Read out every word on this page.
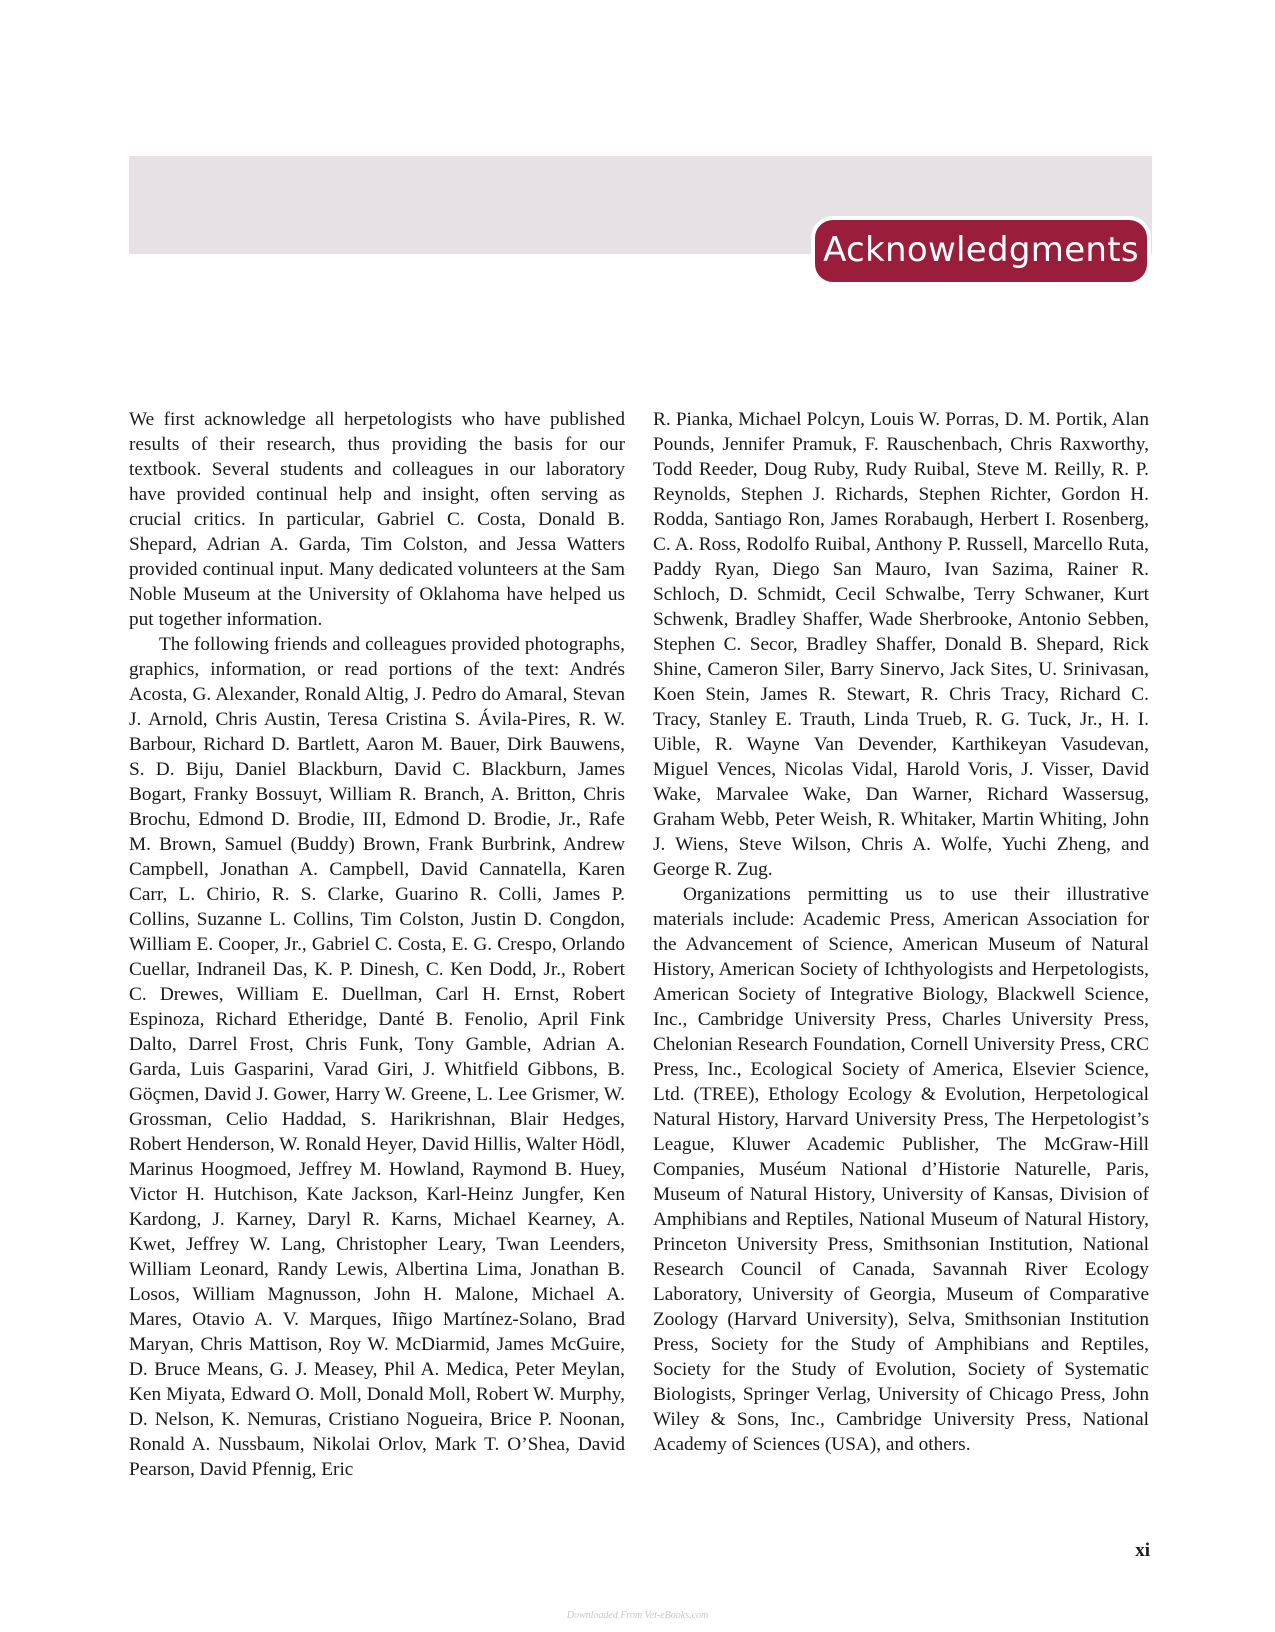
Acknowledgments

We first acknowledge all herpetologists who have published results of their research, thus providing the basis for our textbook. Several students and colleagues in our laboratory have provided continual help and insight, often serving as crucial critics. In particular, Gabriel C. Costa, Donald B. Shepard, Adrian A. Garda, Tim Colston, and Jessa Watters provided continual input. Many dedicated volunteers at the Sam Noble Museum at the University of Oklahoma have helped us put together information.

The following friends and colleagues provided photographs, graphics, information, or read portions of the text: Andrés Acosta, G. Alexander, Ronald Altig, J. Pedro do Amaral, Stevan J. Arnold, Chris Austin, Teresa Cristina S. Ávila-Pires, R. W. Barbour, Richard D. Bartlett, Aaron M. Bauer, Dirk Bauwens, S. D. Biju, Daniel Blackburn, David C. Blackburn, James Bogart, Franky Bossuyt, William R. Branch, A. Britton, Chris Brochu, Edmond D. Brodie, III, Edmond D. Brodie, Jr., Rafe M. Brown, Samuel (Buddy) Brown, Frank Burbrink, Andrew Campbell, Jonathan A. Campbell, David Cannatella, Karen Carr, L. Chirio, R. S. Clarke, Guarino R. Colli, James P. Collins, Suzanne L. Collins, Tim Colston, Justin D. Congdon, William E. Cooper, Jr., Gabriel C. Costa, E. G. Crespo, Orlando Cuellar, Indraneil Das, K. P. Dinesh, C. Ken Dodd, Jr., Robert C. Drewes, William E. Duellman, Carl H. Ernst, Robert Espinoza, Richard Etheridge, Danté B. Fenolio, April Fink Dalto, Darrel Frost, Chris Funk, Tony Gamble, Adrian A. Garda, Luis Gasparini, Varad Giri, J. Whitfield Gibbons, B. Göçmen, David J. Gower, Harry W. Greene, L. Lee Grismer, W. Grossman, Celio Haddad, S. Harikrishnan, Blair Hedges, Robert Henderson, W. Ronald Heyer, David Hillis, Walter Hödl, Marinus Hoogmoed, Jeffrey M. Howland, Raymond B. Huey, Victor H. Hutchison, Kate Jackson, Karl-Heinz Jungfer, Ken Kardong, J. Karney, Daryl R. Karns, Michael Kearney, A. Kwet, Jeffrey W. Lang, Christopher Leary, Twan Leenders, William Leonard, Randy Lewis, Albertina Lima, Jonathan B. Losos, William Magnusson, John H. Malone, Michael A. Mares, Otavio A. V. Marques, Iñigo Martínez-Solano, Brad Maryan, Chris Mattison, Roy W. McDiarmid, James McGuire, D. Bruce Means, G. J. Measey, Phil A. Medica, Peter Meylan, Ken Miyata, Edward O. Moll, Donald Moll, Robert W. Murphy, D. Nelson, K. Nemuras, Cristiano Nogueira, Brice P. Noonan, Ronald A. Nussbaum, Nikolai Orlov, Mark T. O’Shea, David Pearson, David Pfennig, Eric

R. Pianka, Michael Polcyn, Louis W. Porras, D. M. Portik, Alan Pounds, Jennifer Pramuk, F. Rauschenbach, Chris Raxworthy, Todd Reeder, Doug Ruby, Rudy Ruibal, Steve M. Reilly, R. P. Reynolds, Stephen J. Richards, Stephen Richter, Gordon H. Rodda, Santiago Ron, James Rorabaugh, Herbert I. Rosenberg, C. A. Ross, Rodolfo Ruibal, Anthony P. Russell, Marcello Ruta, Paddy Ryan, Diego San Mauro, Ivan Sazima, Rainer R. Schloch, D. Schmidt, Cecil Schwalbe, Terry Schwaner, Kurt Schwenk, Bradley Shaffer, Wade Sherbrooke, Antonio Sebben, Stephen C. Secor, Bradley Shaffer, Donald B. Shepard, Rick Shine, Cameron Siler, Barry Sinervo, Jack Sites, U. Srinivasan, Koen Stein, James R. Stewart, R. Chris Tracy, Richard C. Tracy, Stanley E. Trauth, Linda Trueb, R. G. Tuck, Jr., H. I. Uible, R. Wayne Van Devender, Karthikeyan Vasudevan, Miguel Vences, Nicolas Vidal, Harold Voris, J. Visser, David Wake, Marvalee Wake, Dan Warner, Richard Wassersug, Graham Webb, Peter Weish, R. Whitaker, Martin Whiting, John J. Wiens, Steve Wilson, Chris A. Wolfe, Yuchi Zheng, and George R. Zug.

Organizations permitting us to use their illustrative materials include: Academic Press, American Association for the Advancement of Science, American Museum of Natural History, American Society of Ichthyologists and Herpetologists, American Society of Integrative Biology, Blackwell Science, Inc., Cambridge University Press, Charles University Press, Chelonian Research Foundation, Cornell University Press, CRC Press, Inc., Ecological Society of America, Elsevier Science, Ltd. (TREE), Ethology Ecology & Evolution, Herpetological Natural History, Harvard University Press, The Herpetologist’s League, Kluwer Academic Publisher, The McGraw-Hill Companies, Muséum National d’Historie Naturelle, Paris, Museum of Natural History, University of Kansas, Division of Amphibians and Reptiles, National Museum of Natural History, Princeton University Press, Smithsonian Institution, National Research Council of Canada, Savannah River Ecology Laboratory, University of Georgia, Museum of Comparative Zoology (Harvard University), Selva, Smithsonian Institution Press, Society for the Study of Amphibians and Reptiles, Society for the Study of Evolution, Society of Systematic Biologists, Springer Verlag, University of Chicago Press, John Wiley & Sons, Inc., Cambridge University Press, National Academy of Sciences (USA), and others.

xi
Downloaded From Vet-eBooks.com
